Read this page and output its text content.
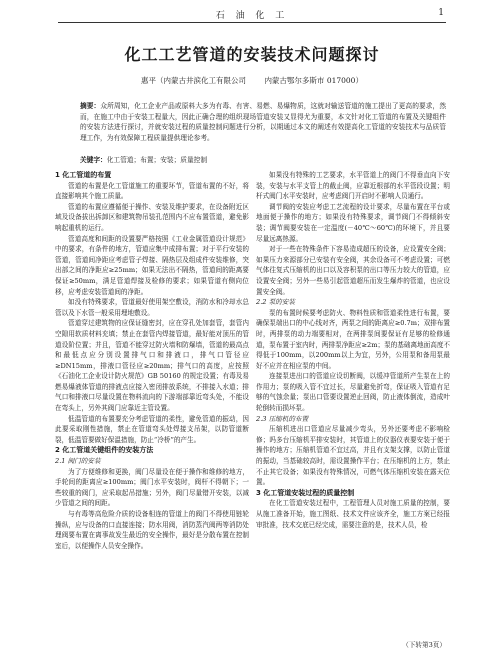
石 油 化 工	1
化工工艺管道的安装技术问题探讨
惠平（内蒙古井滨化工有限公司 内蒙古鄂尔多斯市 017000）
摘要：众所周知，化工企业产品或原料大多为有毒、有害、易燃、易爆物质，这就对输送管道的施工提出了更高的要求，然而，在施工中由于安装工程量大，因此正确合理的组织现场管道安装又显得尤为重要，本文针对化工管道的布置及关键组件的安装方法进行探讨，并就安装过程的质量控制问题进行分析，以期通过本文的阐述有效提高化工管道的安装技术与品质管理工作，为有效保障工程质量提供理论参考。
关键字：化工管道；布置；安装；质量控制
1 化工管道的布置

管道的布置是化工管道施工的重要环节，管道布置的不好，将直接影响其个施工质量。

管道的布置应遵循便于操作、安装及维护要求，在设备附近区域及设备拔出拆卸区和建筑物吊装孔范围内不应布置管道，避免影响起重机的运行。

管道高度和间距的设置要严格按照《工业金属管道设计规范》中的要求，有条件的地方，管道应集中成排布置；对于平行安装的管道，管道间净距应考虑管子焊接、隔热层及组成件安装维修，突出部之间的净距应≥25mm；如果无法出不隔热，管道间的距离要保证≥50mm，满足管道焊接及检修的要求；如果管道有侧向位移，应考虑安装管道间的净距。

如没有特殊要求，管道最好使用架空敷设，消防水和冷却水总管以及下水管一般采用埋地敷设。

管道穿过建筑物的应保证缝密封，应在穿孔处加套管，套管内空隙用软质材料充填；禁止在套管内焊接管道，最好能对顶压的管道设阶位置；并且，管道不能穿过防火墙和防爆墙，管道的最高点和最低点应分别设置排气口和排液口，排气口管径应≥DN15mm，排液口管径应≥20mm；排气口的高度，应按照《石油化工企业设计防火规范》GB 50160 的规定设置；有毒及易燃易爆液体管道的排液点应接入密闭排放系统，不排接入水道；排气口和排液口尽量设置在物料流向的下游端部靠近弯头处，不能设在弯头上，另外其阀门应靠近主管设置。

低温管道的布置要充分考虑管道的柔性，避免管道的振动，因此要采取刚性措施，禁止在管道弯头处焊接支吊架，以防管道断裂，低温管要做好保温措施，防止“冷桥”的产生。

2 化工管道关键组件的安装方法
2.1 阀门的安装

为了方便维修和更换，阀门尽量设在便于操作和维修的地方，手轮间的距离应≥100mm；阀门水平安装时，阀杆不得朝下；一些较重的阀门，应采取起吊措施；另外，阀门尽量错开安装，以减少管道之间的间距。

与有毒等高危险介质的设备相连的管道上的阀门不得使用链轮操纵，应与设备的口直接连接；防水用阀，消防蒸汽阀两等消防处理阀要布置在离事故发生最近的安全操作，最好是分散布置在控制室后，以便操作人员安全操作。

如果没有特殊的工艺要求，水平管道上的阀门不得垂直向下安装，安装与水平支管上的截止阀，应靠近根部的水平管段设置；明杆式阀门水平安装时，应考虑阀门开启时不影响人员通行。

调节阀的安装应考虑工艺流程的设计要求，尽量布置在平台或地面便于操作的地方；如果没有特殊要求，调节阀门不得倾斜安装；调节阀要安装在一定温度(－40℃～60℃)的环境下，并且要尽量远离热源。

对于一些在特殊条件下容易造成超压的设备，应设置安全阀；如果压力来源部分已安装有安全阀，其余设备可不考虑设置；可燃气体往复式压缩机的出口以及容积泵的出口等压力较大的管道，应设置安全阀；另外一些易引起管道超压而发生爆炸的管道，也应设置安全阀。

2.2 泵的安装

泵的布置时候要考虑防火、物料性质和管道柔性进行布置，要确保泵端出口的中心线对齐，两泵之间的距离应≥0.7m；双排布置时，两排泵的动力端要相对，在两排泵间要保证有足够的检修通道，泵布置于室内时，两排泵净距应≥2m；泵的基础离地面高度不得低于100mm，以200mm以上为宜，另外，公用泵和备用泵最好不应并在相应泵的中间。

连接泵进出口的管道应设切断阀，以缓冲管道所产生泵在上的作用力；泵的吸入管不宜过长，尽量避免折弯，保证吸入管道有足够的气蚀余量；泵出口管要设置逆止回阀，防止液体倒流，造成叶轮倒转而损坏泵。

2.3 压缩机的布置

压缩机进出口管道应尽量减少弯头，另外还要考虑不影响检修；吗多台压缩机平排安装时，其管道上的仪器仪表要安装于便于操作的地方；压缩机管道不宜过高，并且有支架支撑，以防止管道的振动，当基础较高时，需设置操作平台；在压缩机的上方，禁止不止其它设备；如果没有特殊情况，可燃气体压缩机安装在露天位置。

3 化工管道安装过程的质量控制

在化工管道安装过程中，工程管理人员对施工质量的控制，要从施工准备开始，施工图纸、技术文件应该齐全，施工方案已经报审批准，技术交底已经完成，需要注意的是，技术人员，检

（下转第3页）
